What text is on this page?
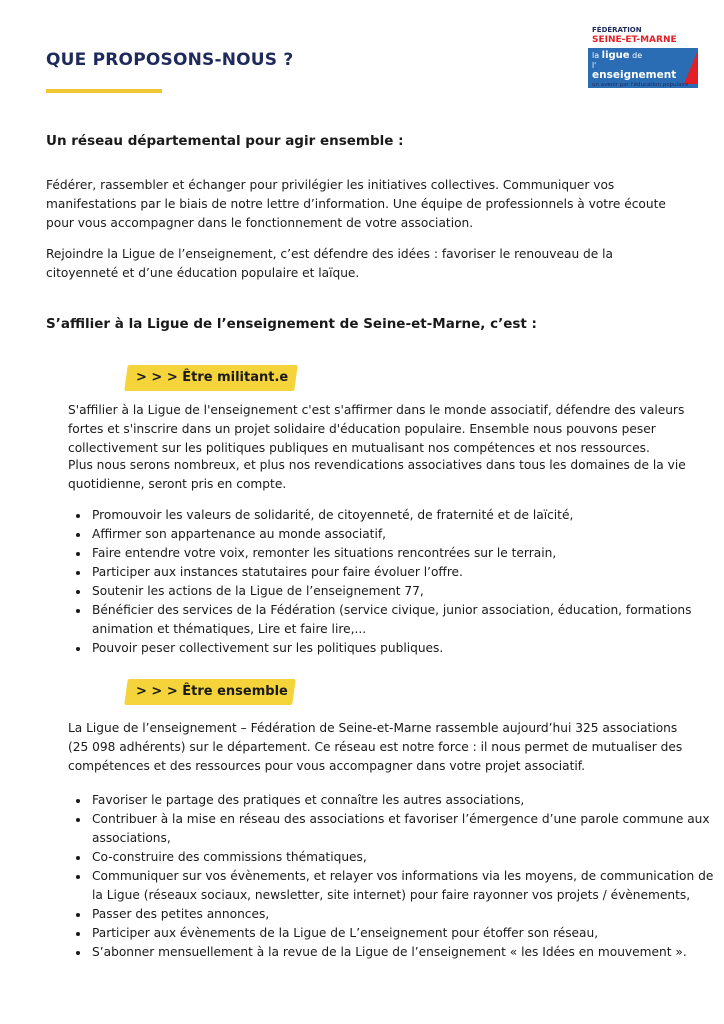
QUE PROPOSONS-NOUS ?
FÉDÉRATION
SEINE-ET-MARNE
la ligue de
l'
enseignement
un avenir par l'éducation populaire
Un réseau départemental pour agir ensemble :
Fédérer, rassembler et échanger pour privilégier les initiatives collectives. Communiquer vos manifestations par le biais de notre lettre d’information. Une équipe de professionnels à votre écoute pour vous accompagner dans le fonctionnement de votre association.
Rejoindre la Ligue de l’enseignement, c’est défendre des idées : favoriser le renouveau de la citoyenneté et d’une éducation populaire et laïque.
S’affilier à la Ligue de l’enseignement de Seine-et-Marne, c’est :
> > > Être militant.e
S'affilier à la Ligue de l'enseignement c'est s'affirmer dans le monde associatif, défendre des valeurs fortes et s'inscrire dans un projet solidaire d'éducation populaire. Ensemble nous pouvons peser collectivement sur les politiques publiques en mutualisant nos compétences et nos ressources.
Plus nous serons nombreux, et plus nos revendications associatives dans tous les domaines de la vie quotidienne, seront pris en compte.
• Promouvoir les valeurs de solidarité, de citoyenneté, de fraternité et de laïcité,
• Affirmer son appartenance au monde associatif,
• Faire entendre votre voix, remonter les situations rencontrées sur le terrain,
• Participer aux instances statutaires pour faire évoluer l’offre.
• Soutenir les actions de la Ligue de l’enseignement 77,
• Bénéficier des services de la Fédération (service civique, junior association, éducation, formations animation et thématiques, Lire et faire lire,...
• Pouvoir peser collectivement sur les politiques publiques.
> > > Être ensemble
La Ligue de l’enseignement – Fédération de Seine-et-Marne rassemble aujourd’hui 325 associations (25 098 adhérents) sur le département. Ce réseau est notre force : il nous permet de mutualiser des compétences et des ressources pour vous accompagner dans votre projet associatif.
• Favoriser le partage des pratiques et connaître les autres associations,
• Contribuer à la mise en réseau des associations et favoriser l’émergence d’une parole commune aux associations,
• Co-construire des commissions thématiques,
• Communiquer sur vos évènements, et relayer vos informations via les moyens, de communication de la Ligue (réseaux sociaux, newsletter, site internet) pour faire rayonner vos projets / évènements,
• Passer des petites annonces,
• Participer aux évènements de la Ligue de L’enseignement pour étoffer son réseau,
• S’abonner mensuellement à la revue de la Ligue de l’enseignement « les Idées en mouvement ».
